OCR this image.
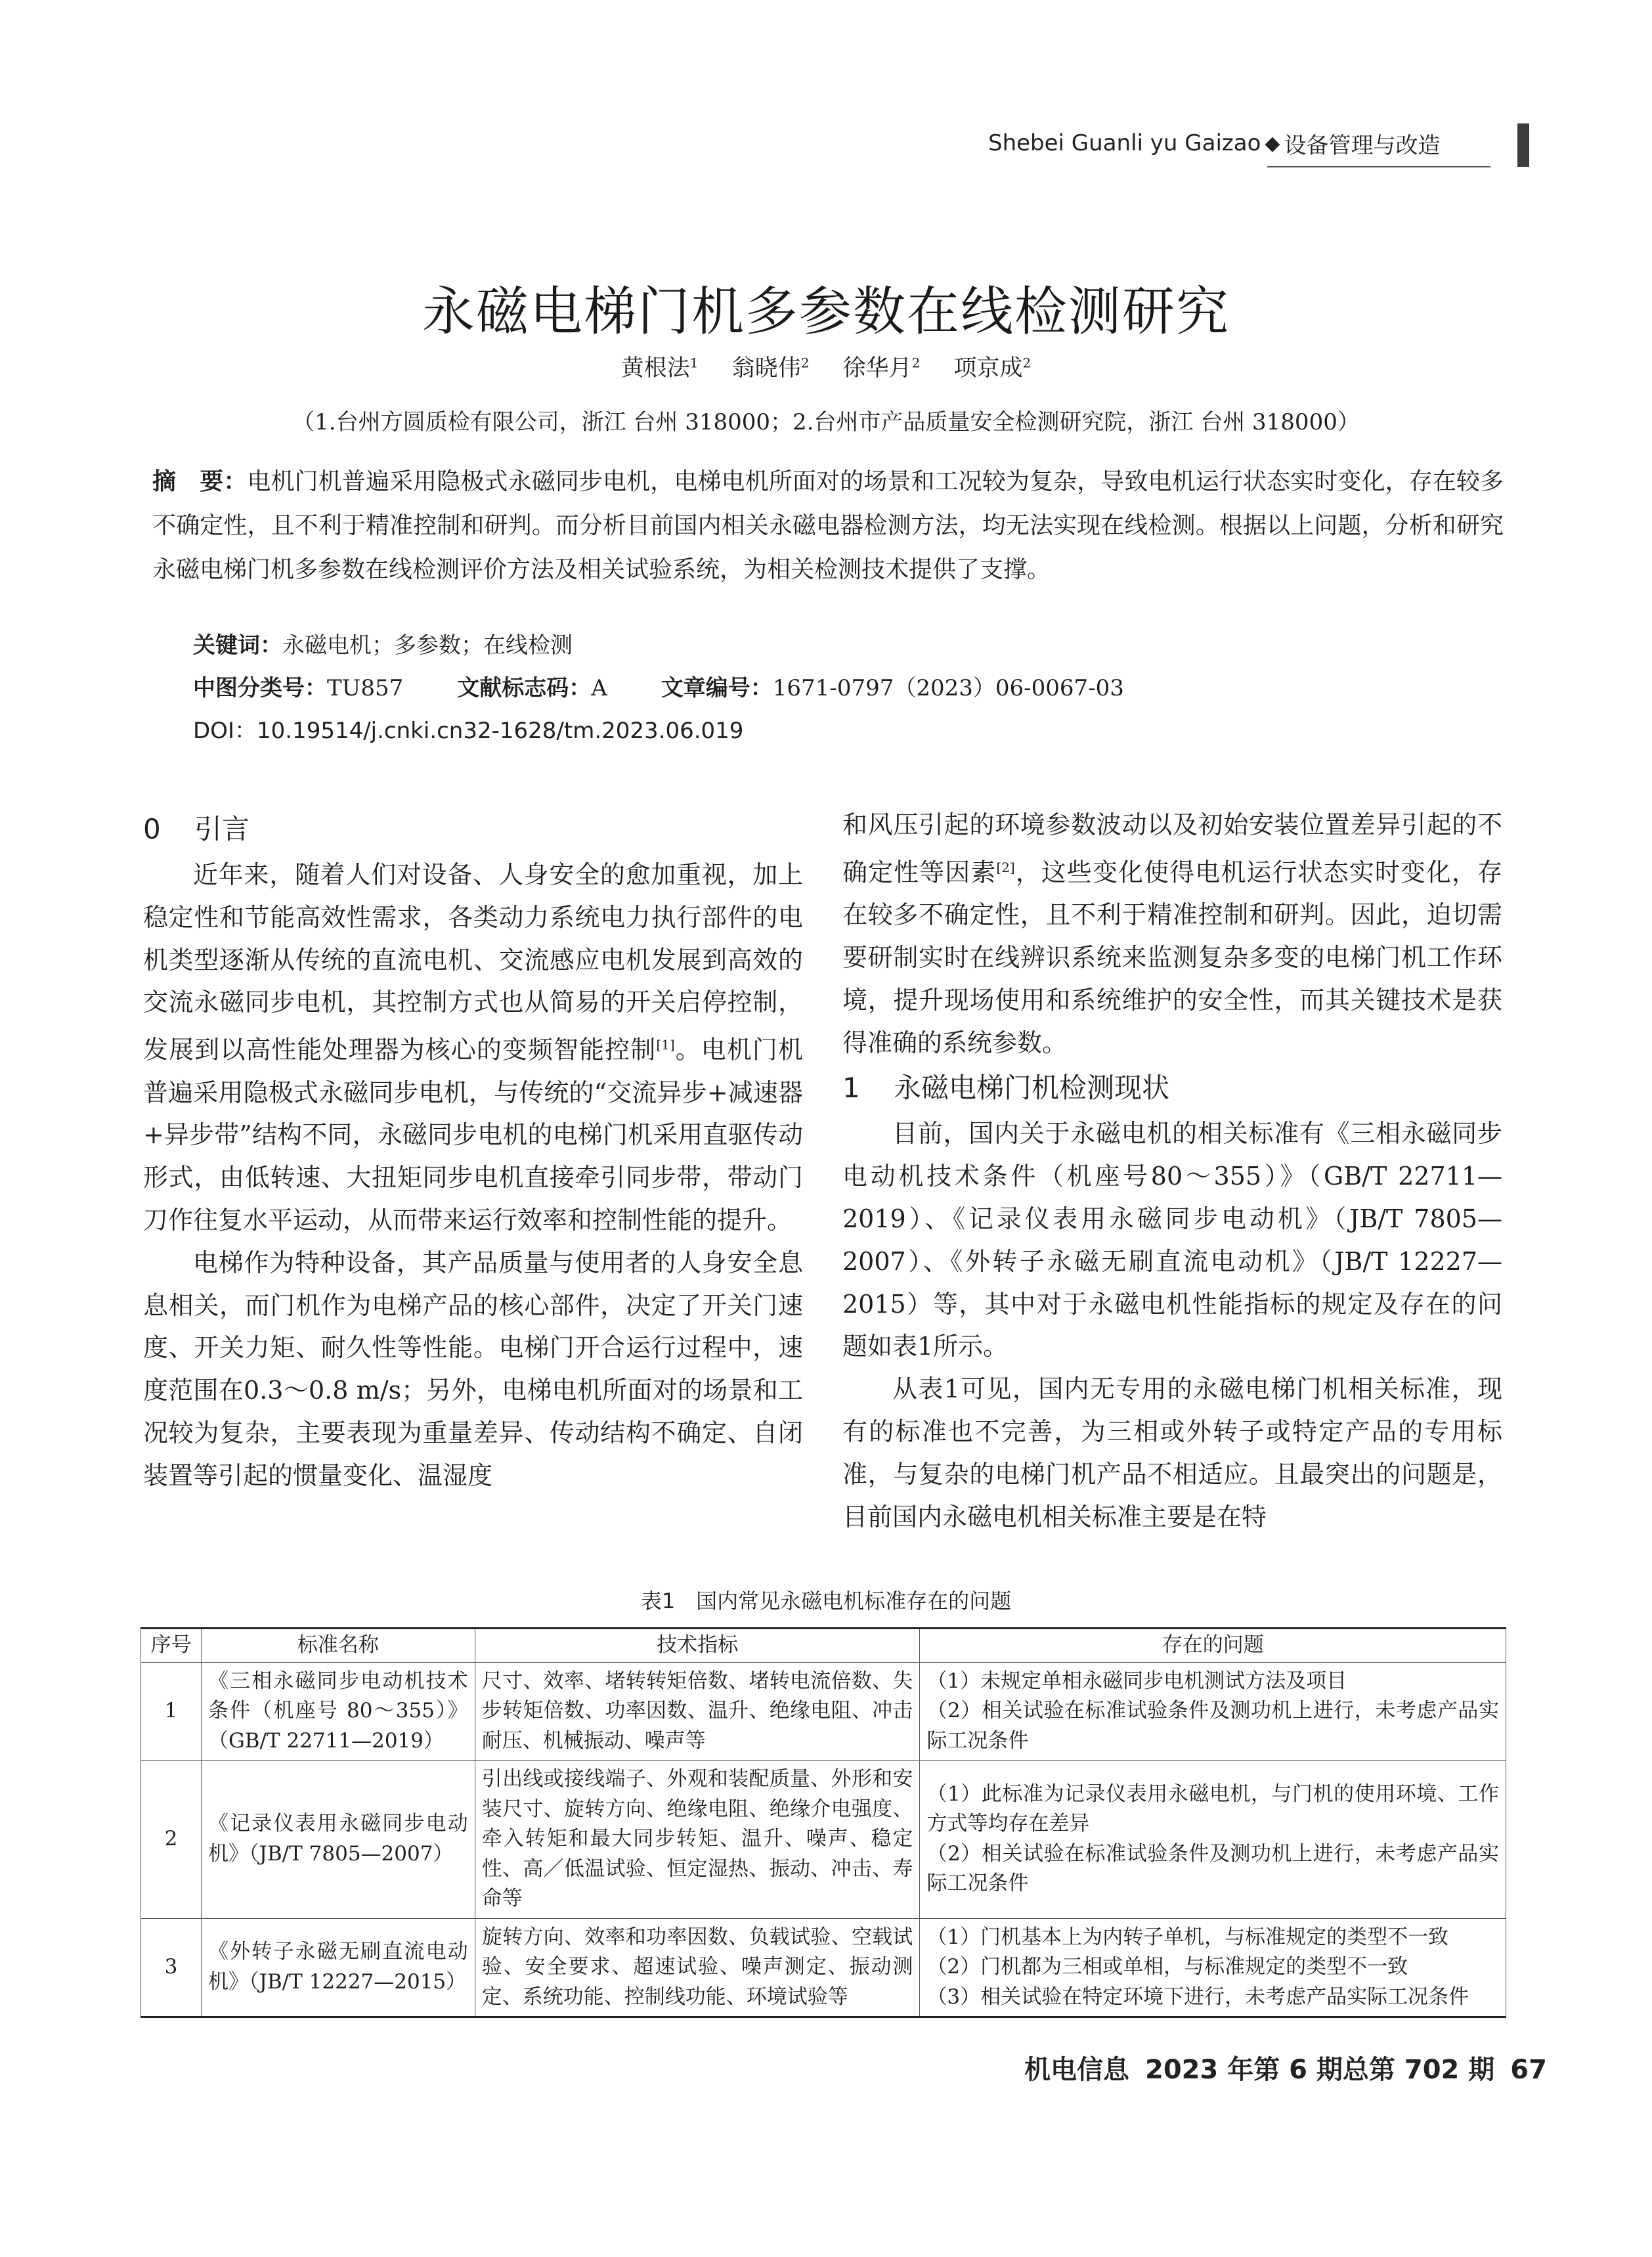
Shebei Guanli yu Gaizao ◆ 设备管理与改造
永磁电梯门机多参数在线检测研究
黄根法$^1$ 翁晓伟$^2$ 徐华月$^2$ 项京成$^2$
（1.台州方圆质检有限公司，浙江 台州 318000；2.台州市产品质量安全检测研究院，浙江 台州 318000）
摘　要：电机门机普遍采用隐极式永磁同步电机，电梯电机所面对的场景和工况较为复杂，导致电机运行状态实时变化，存在较多不确定性，且不利于精准控制和研判。而分析目前国内相关永磁电器检测方法，均无法实现在线检测。根据以上问题，分析和研究永磁电梯门机多参数在线检测评价方法及相关试验系统，为相关检测技术提供了支撑。
关键词：永磁电机；多参数；在线检测
中图分类号：TU857 文献标志码：A 文章编号：1671-0797（2023）06-0067-03
DOI：10.19514/j.cnki.cn32-1628/tm.2023.06.019
0 引言

近年来，随着人们对设备、人身安全的愈加重视，加上稳定性和节能高效性需求，各类动力系统电力执行部件的电机类型逐渐从传统的直流电机、交流感应电机发展到高效的交流永磁同步电机，其控制方式也从简易的开关启停控制，发展到以高性能处理器为核心的变频智能控制[1]。电机门机普遍采用隐极式永磁同步电机，与传统的“交流异步+减速器+异步带”结构不同，永磁同步电机的电梯门机采用直驱传动形式，由低转速、大扭矩同步电机直接牵引同步带，带动门刀作往复水平运动，从而带来运行效率和控制性能的提升。

电梯作为特种设备，其产品质量与使用者的人身安全息息相关，而门机作为电梯产品的核心部件，决定了开关门速度、开关力矩、耐久性等性能。电梯门开合运行过程中，速度范围在0.3～0.8 m/s；另外，电梯电机所面对的场景和工况较为复杂，主要表现为重量差异、传动结构不确定、自闭装置等引起的惯量变化、温湿度

和风压引起的环境参数波动以及初始安装位置差异引起的不确定性等因素[2]，这些变化使得电机运行状态实时变化，存在较多不确定性，且不利于精准控制和研判。因此，迫切需要研制实时在线辨识系统来监测复杂多变的电梯门机工作环境，提升现场使用和系统维护的安全性，而其关键技术是获得准确的系统参数。

1 永磁电梯门机检测现状

目前，国内关于永磁电机的相关标准有《三相永磁同步电动机技术条件（机座号80～355）》（GB/T 22711—2019）、《记录仪表用永磁同步电动机》（JB/T 7805—2007）、《外转子永磁无刷直流电动机》（JB/T 12227—2015）等，其中对于永磁电机性能指标的规定及存在的问题如表1所示。

从表1可见，国内无专用的永磁电梯门机相关标准，现有的标准也不完善，为三相或外转子或特定产品的专用标准，与复杂的电梯门机产品不相适应。且最突出的问题是，目前国内永磁电机相关标准主要是在特

表1　国内常见永磁电机标准存在的问题
序号	标准名称	技术指标	存在的问题
1	《三相永磁同步电动机技术条件（机座号 80～355）》（GB/T 22711—2019）	尺寸、效率、堵转转矩倍数、堵转电流倍数、失步转矩倍数、功率因数、温升、绝缘电阻、冲击耐压、机械振动、噪声等	（1）未规定单相永磁同步电机测试方法及项目
（2）相关试验在标准试验条件及测功机上进行，未考虑产品实际工况条件

2	《记录仪表用永磁同步电动机》（JB/T 7805—2007）	引出线或接线端子、外观和装配质量、外形和安装尺寸、旋转方向、绝缘电阻、绝缘介电强度、牵入转矩和最大同步转矩、温升、噪声、稳定性、高／低温试验、恒定湿热、振动、冲击、寿命等	（1）此标准为记录仪表用永磁电机，与门机的使用环境、工作方式等均存在差异
（2）相关试验在标准试验条件及测功机上进行，未考虑产品实际工况条件

3	《外转子永磁无刷直流电动机》（JB/T 12227—2015）	旋转方向、效率和功率因数、负载试验、空载试验、安全要求、超速试验、噪声测定、振动测定、系统功能、控制线功能、环境试验等	（1）门机基本上为内转子单机，与标准规定的类型不一致
（2）门机都为三相或单相，与标准规定的类型不一致
（3）相关试验在特定环境下进行，未考虑产品实际工况条件
机电信息 2023 年第 6 期总第 702 期 67
